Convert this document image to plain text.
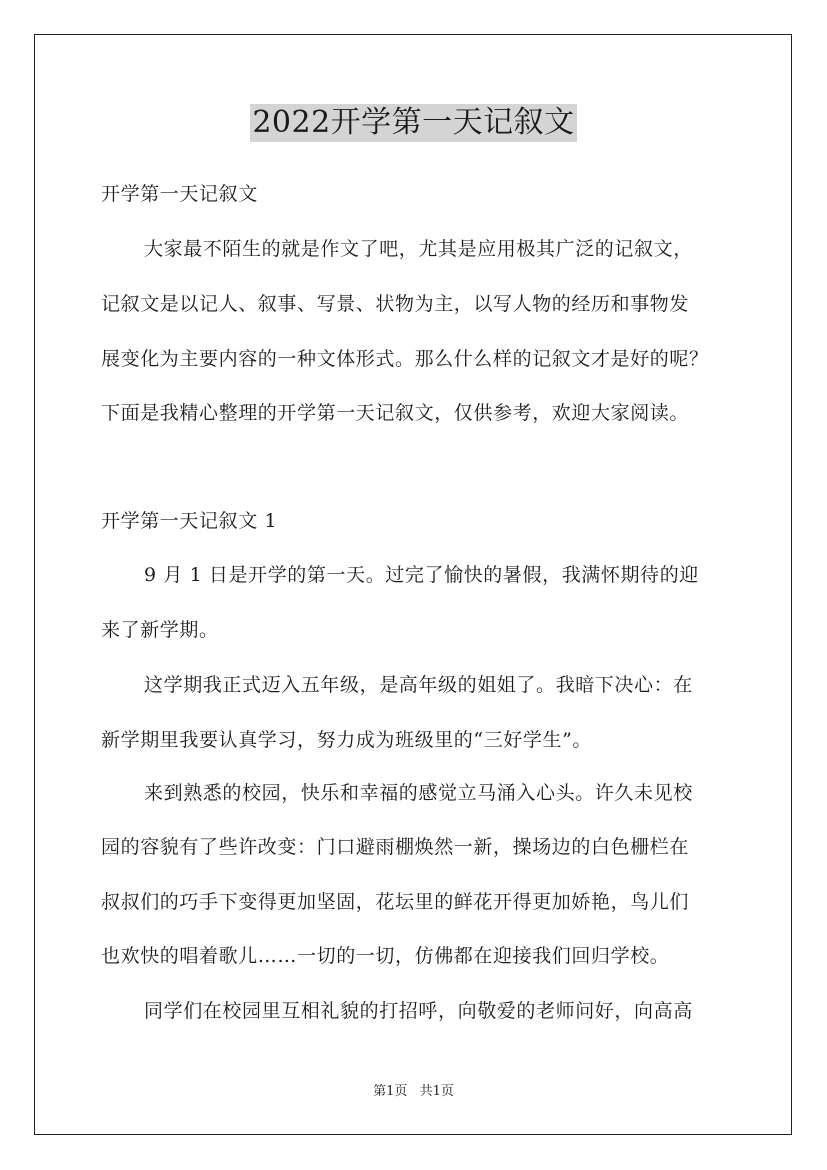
2022开学第一天记叙文
开学第一天记叙文
大家最不陌生的就是作文了吧，尤其是应用极其广泛的记叙文，
记叙文是以记人、叙事、写景、状物为主，以写人物的经历和事物发
展变化为主要内容的一种文体形式。那么什么样的记叙文才是好的呢？
下面是我精心整理的开学第一天记叙文，仅供参考，欢迎大家阅读。
开学第一天记叙文 1
9 月 1 日是开学的第一天。过完了愉快的暑假，我满怀期待的迎
来了新学期。
这学期我正式迈入五年级，是高年级的姐姐了。我暗下决心：在
新学期里我要认真学习，努力成为班级里的“三好学生”。
来到熟悉的校园，快乐和幸福的感觉立马涌入心头。许久未见校
园的容貌有了些许改变：门口避雨棚焕然一新，操场边的白色栅栏在
叔叔们的巧手下变得更加坚固，花坛里的鲜花开得更加娇艳，鸟儿们
也欢快的唱着歌儿……一切的一切，仿佛都在迎接我们回归学校。
同学们在校园里互相礼貌的打招呼，向敬爱的老师问好，向高高
第1页 共1页
